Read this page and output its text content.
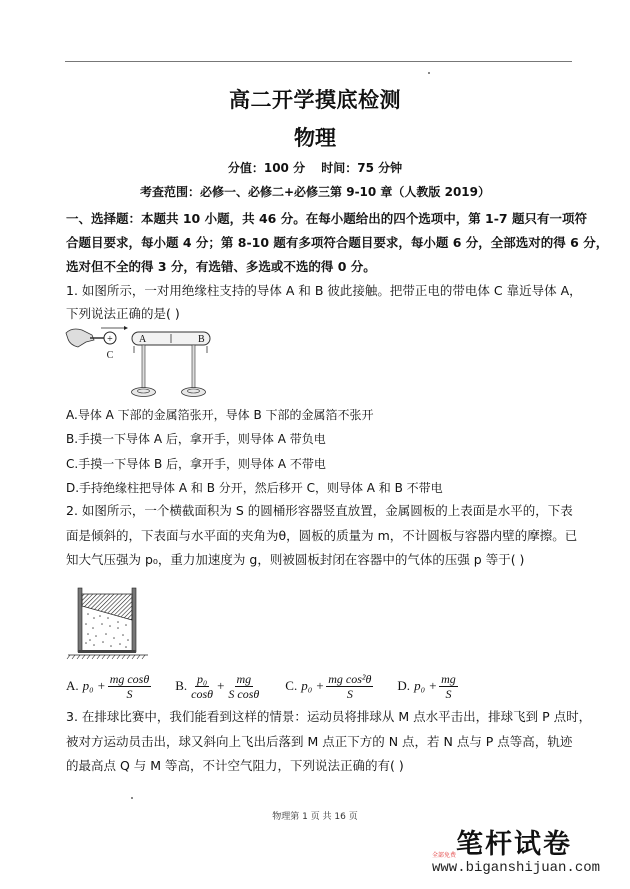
高二开学摸底检测
物理
分值：100 分　 时间：75 分钟
考查范围：必修一、必修二+必修三第 9-10 章（人教版 2019）
一、选择题：本题共 10 小题，共 46 分。在每小题给出的四个选项中，第 1-7 题只有一项符
合题目要求，每小题 4 分；第 8-10 题有多项符合题目要求，每小题 6 分，全部选对的得 6 分，
选对但不全的得 3 分，有选错、多选或不选的得 0 分。
1. 如图所示，一对用绝缘柱支持的导体 A 和 B 彼此接触。把带正电的带电体 C 靠近导体 A，
下列说法正确的是( )
+
C
A	B
A.导体 A 下部的金属箔张开，导体 B 下部的金属箔不张开
B.手摸一下导体 A 后，拿开手，则导体 A 带负电
C.手摸一下导体 B 后，拿开手，则导体 A 不带电
D.手持绝缘柱把导体 A 和 B 分开，然后移开 C，则导体 A 和 B 不带电
2. 如图所示，一个横截面积为 S 的圆桶形容器竖直放置，金属圆板的上表面是水平的，下表
面是倾斜的，下表面与水平面的夹角为θ，圆板的质量为 m，不计圆板与容器内壁的摩擦。已
知大气压强为 p₀，重力加速度为 g，则被圆板封闭在容器中的气体的压强 p 等于( )
A. $p_0 + \frac{\text{mg cosθ}}{S} B$. $\frac{\text{p₀}}{\cos\theta} + \frac{mg}{\text{S cosθ}} C$. $p_0 + \frac{\text{mg cos²θ}}{S} D$. $p_0 + \frac{mg}{S}$
3. 在排球比赛中，我们能看到这样的情景：运动员将排球从 M 点水平击出，排球飞到 P 点时，
被对方运动员击出，球又斜向上飞出后落到 M 点正下方的 N 点，若 N 点与 P 点等高，轨迹
的最高点 Q 与 M 等高，不计空气阻力，下列说法正确的有( )
物理第 1 页 共 16 页
笔杆试卷
全部免费
www.biganshijuan.com
